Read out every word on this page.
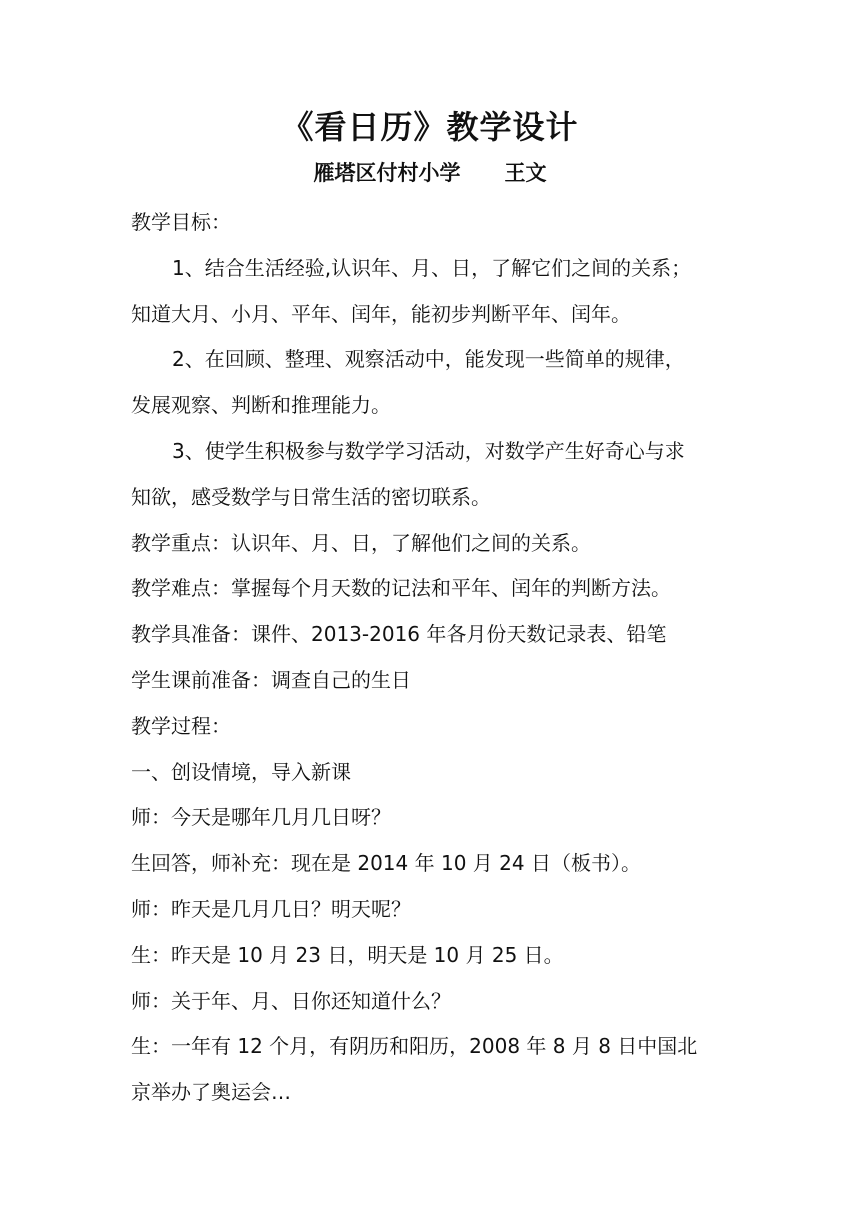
《看日历》教学设计
雁塔区付村小学 王文
教学目标：
1、结合生活经验,认识年、月、日，了解它们之间的关系；
知道大月、小月、平年、闰年，能初步判断平年、闰年。
2、在回顾、整理、观察活动中，能发现一些简单的规律，
发展观察、判断和推理能力。
3、使学生积极参与数学学习活动，对数学产生好奇心与求
知欲，感受数学与日常生活的密切联系。
教学重点：认识年、月、日，了解他们之间的关系。
教学难点：掌握每个月天数的记法和平年、闰年的判断方法。
教学具准备：课件、2013-2016 年各月份天数记录表、铅笔
学生课前准备：调查自己的生日
教学过程：
一、创设情境，导入新课
师：今天是哪年几月几日呀？
生回答，师补充：现在是 2014 年 10 月 24 日（板书）。
师：昨天是几月几日？明天呢？
生：昨天是 10 月 23 日，明天是 10 月 25 日。
师：关于年、月、日你还知道什么？
生：一年有 12 个月，有阴历和阳历，2008 年 8 月 8 日中国北
京举办了奥运会…
